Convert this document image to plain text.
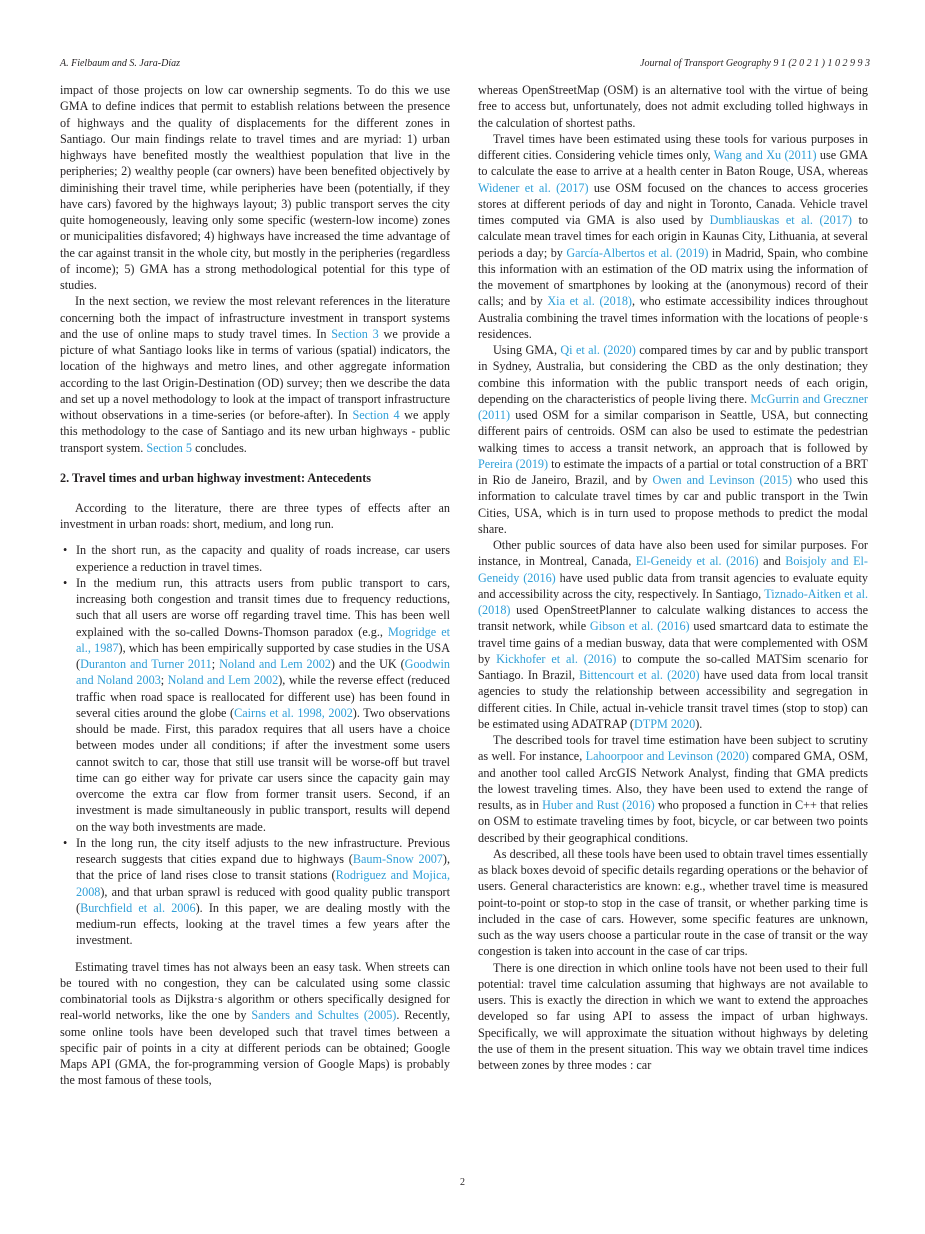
A. Fielbaum and S. Jara-Díaz	Journal of Transport Geography 9 1 (2 0 2 1 ) 1 0 2 9 9 3

impact of those projects on low car ownership segments. To do this we use GMA to define indices that permit to establish relations between the presence of highways and the quality of displacements for the different zones in Santiago. Our main findings relate to travel times and are myriad: 1) urban highways have benefited mostly the wealthiest population that live in the peripheries; 2) wealthy people (car owners) have been benefited objectively by diminishing their travel time, while peripheries have been (potentially, if they have cars) favored by the highways layout; 3) public transport serves the city quite homogeneously, leaving only some specific (western-low income) zones or municipalities disfavored; 4) highways have increased the time advantage of the car against transit in the whole city, but mostly in the peripheries (regardless of income); 5) GMA has a strong methodological potential for this type of studies.

In the next section, we review the most relevant references in the literature concerning both the impact of infrastructure investment in transport systems and the use of online maps to study travel times. In Section 3 we provide a picture of what Santiago looks like in terms of various (spatial) indicators, the location of the highways and metro lines, and other aggregate information according to the last Origin-Destination (OD) survey; then we describe the data and set up a novel methodology to look at the impact of transport infrastructure without observations in a time-series (or before-after). In Section 4 we apply this methodology to the case of Santiago and its new urban highways - public transport system. Section 5 concludes.

2. Travel times and urban highway investment: Antecedents

According to the literature, there are three types of effects after an investment in urban roads: short, medium, and long run.

• In the short run, as the capacity and quality of roads increase, car users experience a reduction in travel times.
• In the medium run, this attracts users from public transport to cars, increasing both congestion and transit times due to frequency reductions, such that all users are worse off regarding travel time. This has been well explained with the so-called Downs-Thomson paradox (e.g., Mogridge et al., 1987), which has been empirically supported by case studies in the USA (Duranton and Turner 2011; Noland and Lem 2002) and the UK (Goodwin and Noland 2003; Noland and Lem 2002), while the reverse effect (reduced traffic when road space is reallocated for different use) has been found in several cities around the globe (Cairns et al. 1998, 2002). Two observations should be made. First, this paradox requires that all users have a choice between modes under all conditions; if after the investment some users cannot switch to car, those that still use transit will be worse-off but travel time can go either way for private car users since the capacity gain may overcome the extra car flow from former transit users. Second, if an investment is made simultaneously in public transport, results will depend on the way both investments are made.
• In the long run, the city itself adjusts to the new infrastructure. Previous research suggests that cities expand due to highways (Baum-Snow 2007), that the price of land rises close to transit stations (Rodriguez and Mojica, 2008), and that urban sprawl is reduced with good quality public transport (Burchfield et al. 2006). In this paper, we are dealing mostly with the medium-run effects, looking at the travel times a few years after the investment.

Estimating travel times has not always been an easy task. When streets can be toured with no congestion, they can be calculated using some classic combinatorial tools as Dijkstra·s algorithm or others specifically designed for real-world networks, like the one by Sanders and Schultes (2005). Recently, some online tools have been developed such that travel times between a specific pair of points in a city at different periods can be obtained; Google Maps API (GMA, the for-programming version of Google Maps) is probably the most famous of these tools,

whereas OpenStreetMap (OSM) is an alternative tool with the virtue of being free to access but, unfortunately, does not admit excluding tolled highways in the calculation of shortest paths.

Travel times have been estimated using these tools for various purposes in different cities. Considering vehicle times only, Wang and Xu (2011) use GMA to calculate the ease to arrive at a health center in Baton Rouge, USA, whereas Widener et al. (2017) use OSM focused on the chances to access groceries stores at different periods of day and night in Toronto, Canada. Vehicle travel times computed via GMA is also used by Dumbliauskas et al. (2017) to calculate mean travel times for each origin in Kaunas City, Lithuania, at several periods a day; by García-Albertos et al. (2019) in Madrid, Spain, who combine this information with an estimation of the OD matrix using the information of the movement of smartphones by looking at the (anonymous) record of their calls; and by Xia et al. (2018), who estimate accessibility indices throughout Australia combining the travel times information with the locations of people·s residences.

Using GMA, Qi et al. (2020) compared times by car and by public transport in Sydney, Australia, but considering the CBD as the only destination; they combine this information with the public transport needs of each origin, depending on the characteristics of people living there. McGurrin and Greczner (2011) used OSM for a similar comparison in Seattle, USA, but connecting different pairs of centroids. OSM can also be used to estimate the pedestrian walking times to access a transit network, an approach that is followed by Pereira (2019) to estimate the impacts of a partial or total construction of a BRT in Rio de Janeiro, Brazil, and by Owen and Levinson (2015) who used this information to calculate travel times by car and public transport in the Twin Cities, USA, which is in turn used to propose methods to predict the modal share.

Other public sources of data have also been used for similar purposes. For instance, in Montreal, Canada, El-Geneidy et al. (2016) and Boisjoly and El-Geneidy (2016) have used public data from transit agencies to evaluate equity and accessibility across the city, respectively. In Santiago, Tiznado-Aitken et al. (2018) used OpenStreetPlanner to calculate walking distances to access the transit network, while Gibson et al. (2016) used smartcard data to estimate the travel time gains of a median busway, data that were complemented with OSM by Kickhofer et al. (2016) to compute the so-called MATSim scenario for Santiago. In Brazil, Bittencourt et al. (2020) have used data from local transit agencies to study the relationship between accessibility and segregation in different cities. In Chile, actual in-vehicle transit travel times (stop to stop) can be estimated using ADATRAP (DTPM 2020).

The described tools for travel time estimation have been subject to scrutiny as well. For instance, Lahoorpoor and Levinson (2020) compared GMA, OSM, and another tool called ArcGIS Network Analyst, finding that GMA predicts the lowest traveling times. Also, they have been used to extend the range of results, as in Huber and Rust (2016) who proposed a function in C++ that relies on OSM to estimate traveling times by foot, bicycle, or car between two points described by their geographical conditions.

As described, all these tools have been used to obtain travel times essentially as black boxes devoid of specific details regarding operations or the behavior of users. General characteristics are known: e.g., whether travel time is measured point-to-point or stop-to stop in the case of transit, or whether parking time is included in the case of cars. However, some specific features are unknown, such as the way users choose a particular route in the case of transit or the way congestion is taken into account in the case of car trips.

There is one direction in which online tools have not been used to their full potential: travel time calculation assuming that highways are not available to users. This is exactly the direction in which we want to extend the approaches developed so far using API to assess the impact of urban highways. Specifically, we will approximate the situation without highways by deleting the use of them in the present situation. This way we obtain travel time indices between zones by three modes : car

2
